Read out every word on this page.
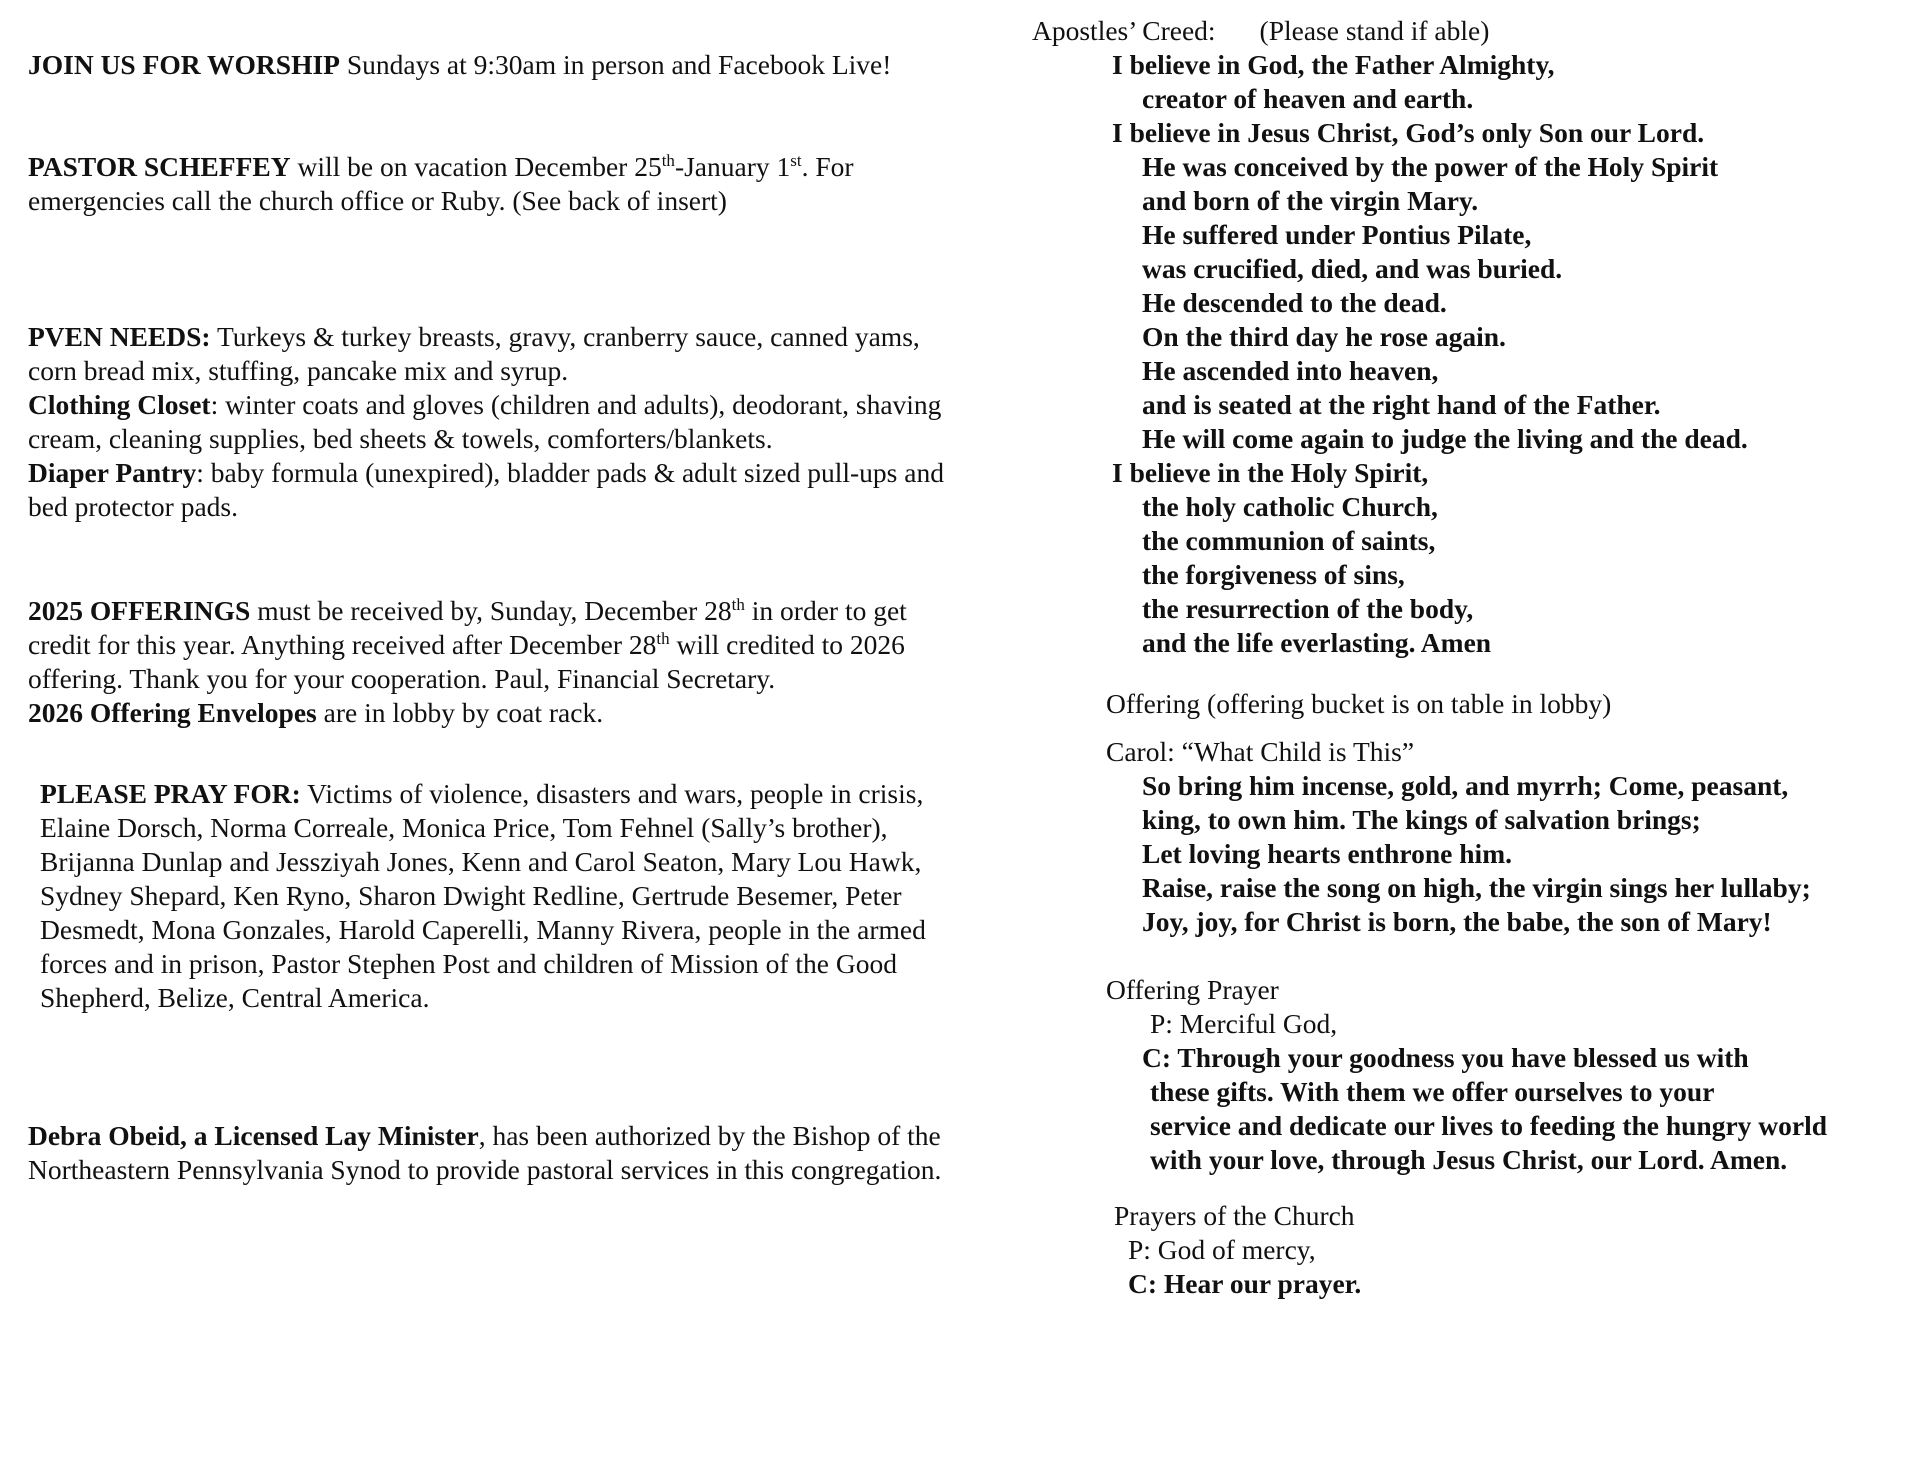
JOIN US FOR WORSHIP Sundays at 9:30am in person and Facebook Live!

PASTOR SCHEFFEY will be on vacation December 25th-January 1st. For emergencies call the church office or Ruby. (See back of insert)

PVEN NEEDS: Turkeys & turkey breasts, gravy, cranberry sauce, canned yams, corn bread mix, stuffing, pancake mix and syrup.

Clothing Closet: winter coats and gloves (children and adults), deodorant, shaving cream, cleaning supplies, bed sheets & towels, comforters/blankets.

Diaper Pantry: baby formula (unexpired), bladder pads & adult sized pull-ups and bed protector pads.

2025 OFFERINGS must be received by, Sunday, December 28th in order to get credit for this year. Anything received after December 28th will credited to 2026 offering. Thank you for your cooperation. Paul, Financial Secretary.

2026 Offering Envelopes are in lobby by coat rack.

PLEASE PRAY FOR: Victims of violence, disasters and wars, people in crisis, Elaine Dorsch, Norma Correale, Monica Price, Tom Fehnel (Sally’s brother), Brijanna Dunlap and Jessziyah Jones, Kenn and Carol Seaton, Mary Lou Hawk, Sydney Shepard, Ken Ryno, Sharon Dwight Redline, Gertrude Besemer, Peter Desmedt, Mona Gonzales, Harold Caperelli, Manny Rivera, people in the armed forces and in prison, Pastor Stephen Post and children of Mission of the Good Shepherd, Belize, Central America.

Debra Obeid, a Licensed Lay Minister, has been authorized by the Bishop of the Northeastern Pennsylvania Synod to provide pastoral services in this congregation.

Apostles’ Creed: (Please stand if able)

I believe in God, the Father Almighty,

creator of heaven and earth.

I believe in Jesus Christ, God’s only Son our Lord.

He was conceived by the power of the Holy Spirit

and born of the virgin Mary.

He suffered under Pontius Pilate,

was crucified, died, and was buried.

He descended to the dead.

On the third day he rose again.

He ascended into heaven,

and is seated at the right hand of the Father.

He will come again to judge the living and the dead.

I believe in the Holy Spirit,

the holy catholic Church,

the communion of saints,

the forgiveness of sins,

the resurrection of the body,

and the life everlasting. Amen

Offering (offering bucket is on table in lobby)

Carol: “What Child is This”

So bring him incense, gold, and myrrh; Come, peasant,

king, to own him. The kings of salvation brings;

Let loving hearts enthrone him.

Raise, raise the song on high, the virgin sings her lullaby;

Joy, joy, for Christ is born, the babe, the son of Mary!

Offering Prayer

P: Merciful God,

C: Through your goodness you have blessed us with

these gifts. With them we offer ourselves to your

service and dedicate our lives to feeding the hungry world

with your love, through Jesus Christ, our Lord. Amen.

Prayers of the Church

P: God of mercy,

C: Hear our prayer.
